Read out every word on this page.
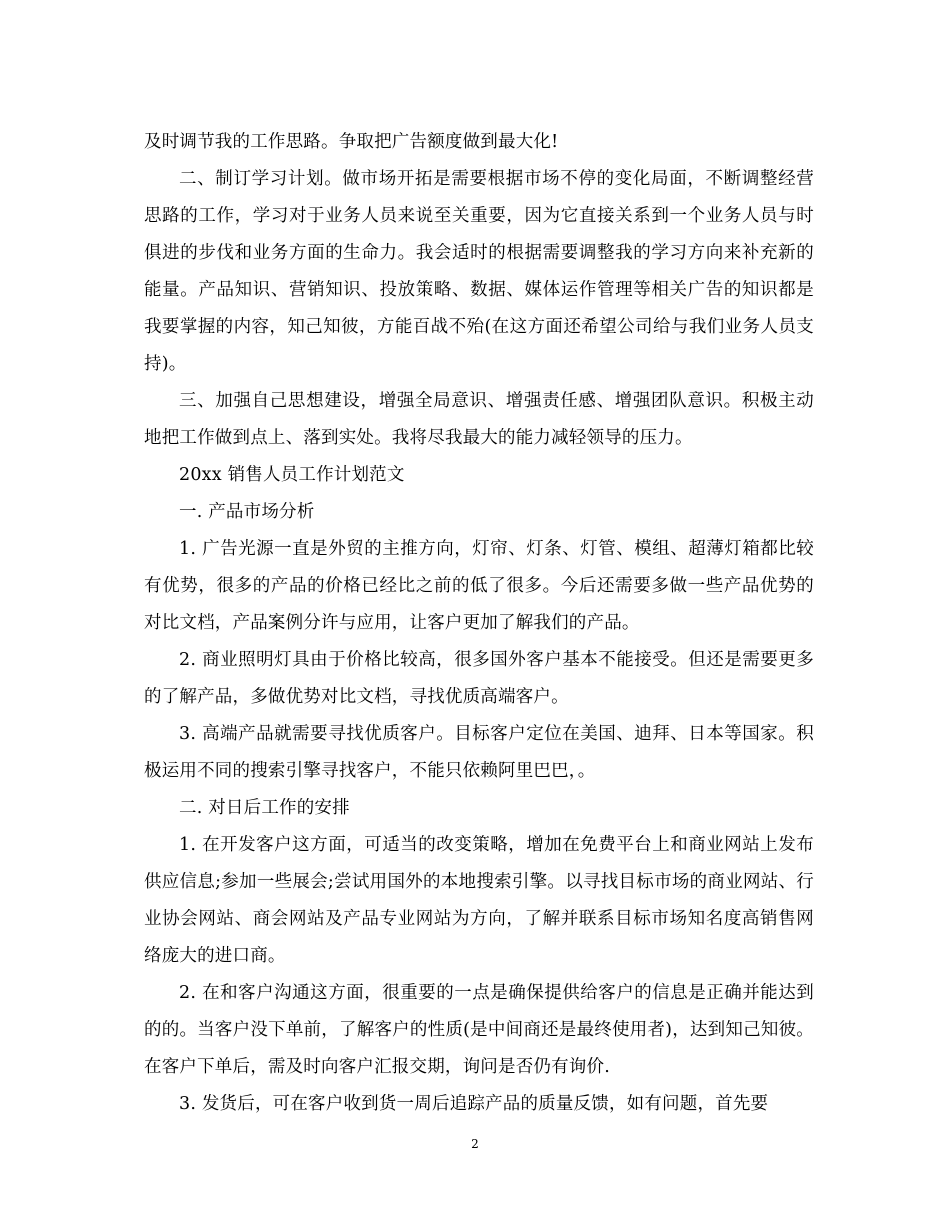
及时调节我的工作思路。争取把广告额度做到最大化!

二、制订学习计划。做市场开拓是需要根据市场不停的变化局面，不断调整经营思路的工作，学习对于业务人员来说至关重要，因为它直接关系到一个业务人员与时俱进的步伐和业务方面的生命力。我会适时的根据需要调整我的学习方向来补充新的能量。产品知识、营销知识、投放策略、数据、媒体运作管理等相关广告的知识都是我要掌握的内容，知己知彼，方能百战不殆(在这方面还希望公司给与我们业务人员支持)。

三、加强自己思想建设，增强全局意识、增强责任感、增强团队意识。积极主动地把工作做到点上、落到实处。我将尽我最大的能力减轻领导的压力。

20xx 销售人员工作计划范文

一. 产品市场分析

1. 广告光源一直是外贸的主推方向，灯帘、灯条、灯管、模组、超薄灯箱都比较有优势，很多的产品的价格已经比之前的低了很多。今后还需要多做一些产品优势的对比文档，产品案例分许与应用，让客户更加了解我们的产品。

2. 商业照明灯具由于价格比较高，很多国外客户基本不能接受。但还是需要更多的了解产品，多做优势对比文档，寻找优质高端客户。

3. 高端产品就需要寻找优质客户。目标客户定位在美国、迪拜、日本等国家。积极运用不同的搜索引擎寻找客户，不能只依赖阿里巴巴，。

二. 对日后工作的安排

1. 在开发客户这方面，可适当的改变策略，增加在免费平台上和商业网站上发布供应信息;参加一些展会;尝试用国外的本地搜索引擎。以寻找目标市场的商业网站、行业协会网站、商会网站及产品专业网站为方向，了解并联系目标市场知名度高销售网络庞大的进口商。

2. 在和客户沟通这方面，很重要的一点是确保提供给客户的信息是正确并能达到的的。当客户没下单前，了解客户的性质(是中间商还是最终使用者)，达到知己知彼。在客户下单后，需及时向客户汇报交期，询问是否仍有询价.

3. 发货后，可在客户收到货一周后追踪产品的质量反馈，如有问题，首先要

2
